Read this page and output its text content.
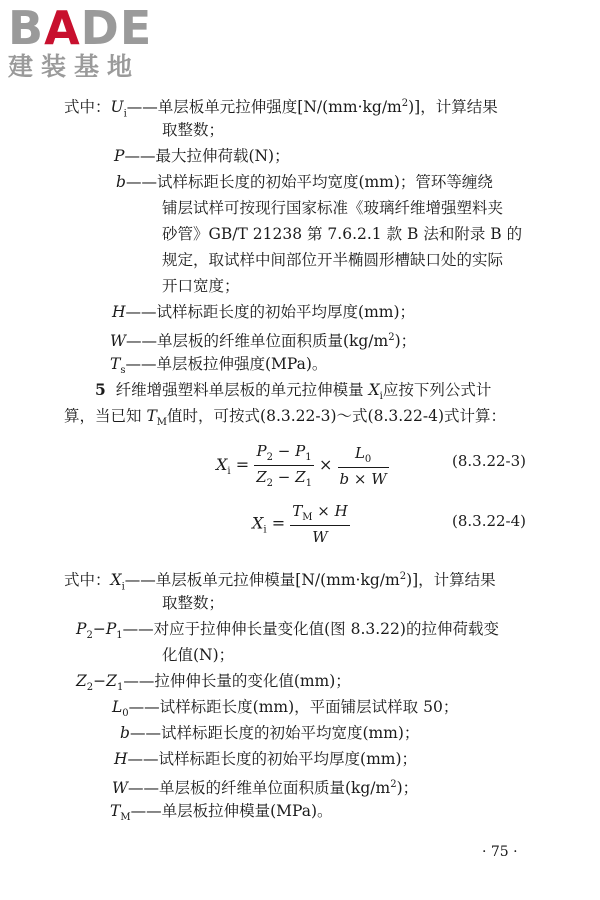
BADE
建装基地
式中：$U_i——$单层板单元拉伸强度$[N/(mm\cdot kg/m^2)]$，计算结果
取整数；
P——最大拉伸荷载(N)；
b——试样标距长度的初始平均宽度(mm)；管环等缠绕
铺层试样可按现行国家标准《玻璃纤维增强塑料夹
砂管》GB/T 21238 第 7.6.2.1 款 B 法和附录 B 的
规定，取试样中间部位开半椭圆形槽缺口处的实际
开口宽度；
H——试样标距长度的初始平均厚度(mm)；
W——单层板的纤维单位面积质量$(kg/m^2)$；
$T_s——$单层板拉伸强度(MPa)。
5 纤维增强塑料单层板的单元拉伸模量 $X_i$应按下列公式计
算，当已知 $T_M$值时，可按式(8.3.22-3)～式(8.3.22-4)式计算：
$X_i = \frac{P_2 - P_1}{Z_2 - Z_1} \times \frac{L_0}{b \times W}$	(8.3.22-3)
$X_i = \frac{T_M \times H}{W}$	(8.3.22-4)
式中：$X_i——$单层板单元拉伸模量$[N/(mm\cdot kg/m^2)]$，计算结果
取整数；
$P_2-P_1——$对应于拉伸伸长量变化值(图 8.3.22)的拉伸荷载变
化值(N)；
$Z_2-Z_1——$拉伸伸长量的变化值(mm)；
$L_0——$试样标距长度(mm)，平面铺层试样取 50；
b——试样标距长度的初始平均宽度(mm)；
H——试样标距长度的初始平均厚度(mm)；
W——单层板的纤维单位面积质量$(kg/m^2)$；
$T_M——$单层板拉伸模量(MPa)。
· 75 ·
